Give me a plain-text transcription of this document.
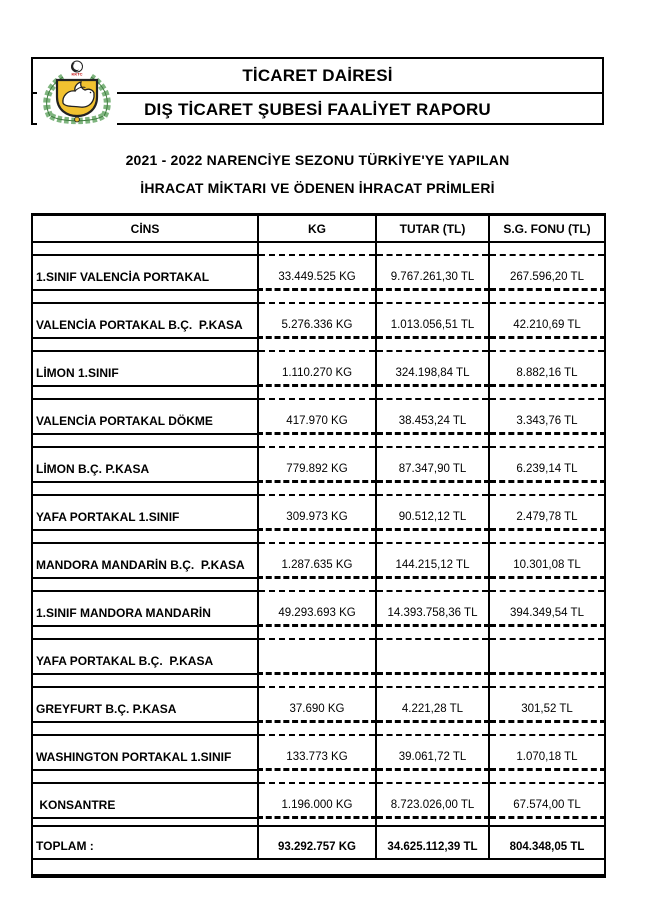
KKTC	TİCARET DAİRESİ
DIŞ TİCARET ŞUBESİ FAALİYET RAPORU
2021 - 2022 NARENCİYE SEZONU TÜRKİYE'YE YAPILAN
İHRACAT MİKTARI VE ÖDENEN İHRACAT PRİMLERİ
CİNS	KG	TUTAR (TL)	S.G. FONU (TL)

1.SINIF VALENCİA PORTAKAL	33.449.525 KG	9.767.261,30 TL	267.596,20 TL

VALENCİA PORTAKAL B.Ç.  P.KASA	5.276.336 KG	1.013.056,51 TL	42.210,69 TL

LİMON 1.SINIF	1.110.270 KG	324.198,84 TL	8.882,16 TL

VALENCİA PORTAKAL DÖKME	417.970 KG	38.453,24 TL	3.343,76 TL

LİMON B.Ç. P.KASA	779.892 KG	87.347,90 TL	6.239,14 TL

YAFA PORTAKAL 1.SINIF	309.973 KG	90.512,12 TL	2.479,78 TL

MANDORA MANDARİN B.Ç.  P.KASA	1.287.635 KG	144.215,12 TL	10.301,08 TL

1.SINIF MANDORA MANDARİN	49.293.693 KG	14.393.758,36 TL	394.349,54 TL

YAFA PORTAKAL B.Ç.  P.KASA			

GREYFURT B.Ç. P.KASA	37.690 KG	4.221,28 TL	301,52 TL

WASHINGTON PORTAKAL 1.SINIF	133.773 KG	39.061,72 TL	1.070,18 TL

KONSANTRE	1.196.000 KG	8.723.026,00 TL	67.574,00 TL

TOPLAM :	93.292.757 KG	34.625.112,39 TL	804.348,05 TL
